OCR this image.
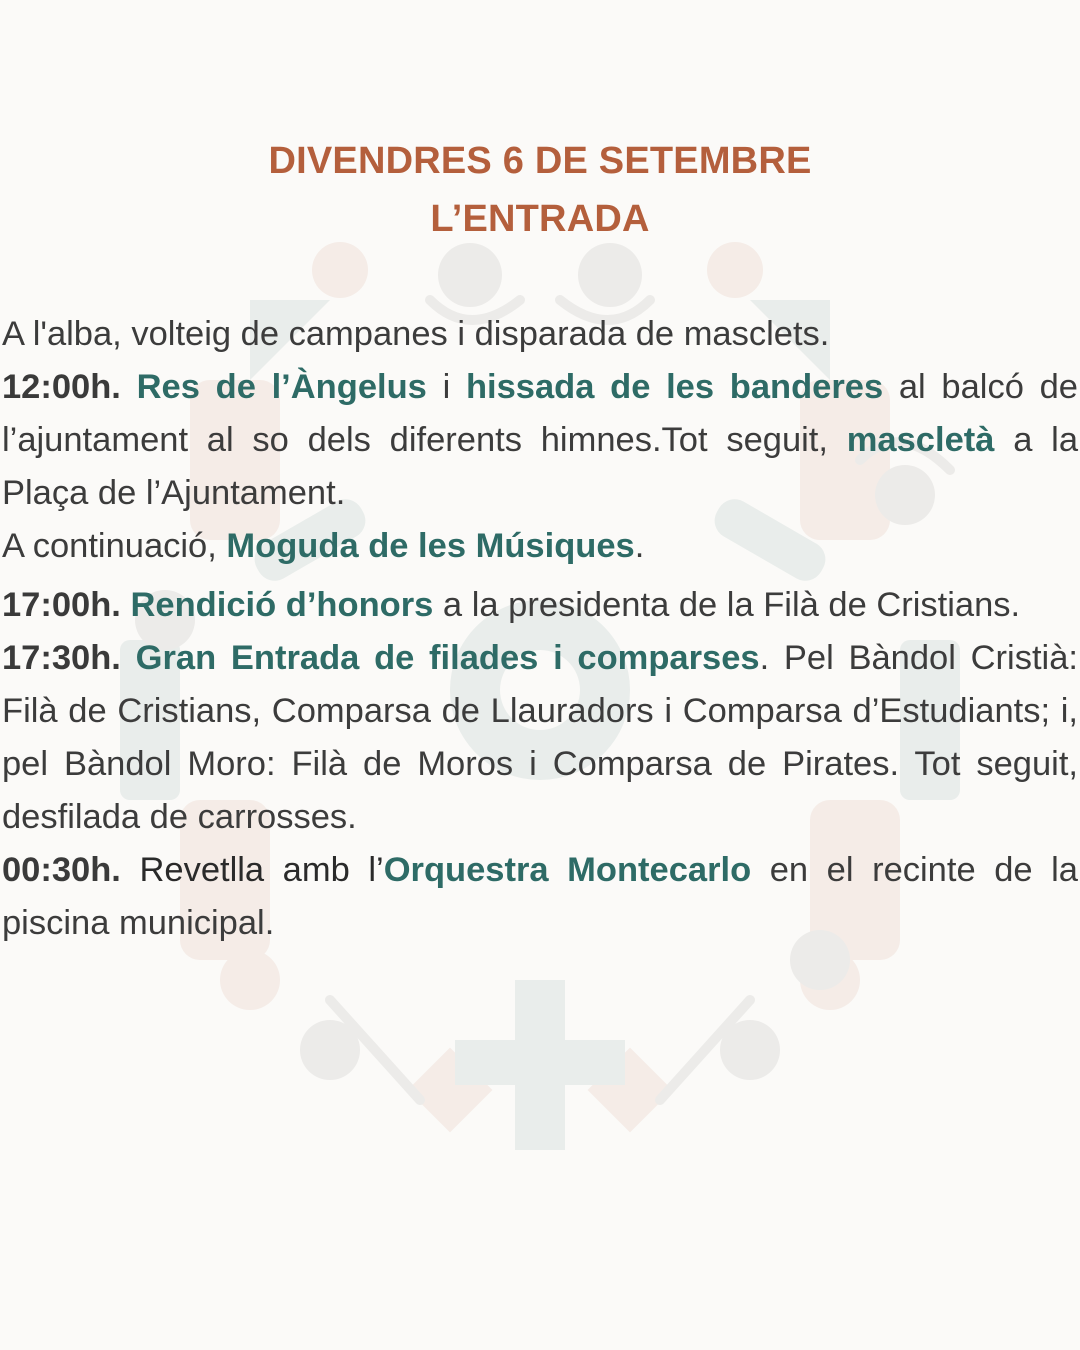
DIVENDRES 6 DE SETEMBRE
L’ENTRADA

A l'alba, volteig de campanes i disparada de masclets.

12:00h. Res de l’Àngelus i hissada de les banderes al balcó de l’ajuntament al so dels diferents himnes.Tot seguit, mascletà a la Plaça de l’Ajuntament.

A continuació, Moguda de les Músiques.

17:00h. Rendició d’honors a la presidenta de la Filà de Cristians.

17:30h. Gran Entrada de filades i comparses. Pel Bàndol Cristià: Filà de Cristians, Comparsa de Llauradors i Comparsa d’Estudiants; i, pel Bàndol Moro: Filà de Moros i Comparsa de Pirates. Tot seguit, desfilada de carrosses.

00:30h. Revetlla amb l’Orquestra Montecarlo en el recinte de la piscina municipal.
